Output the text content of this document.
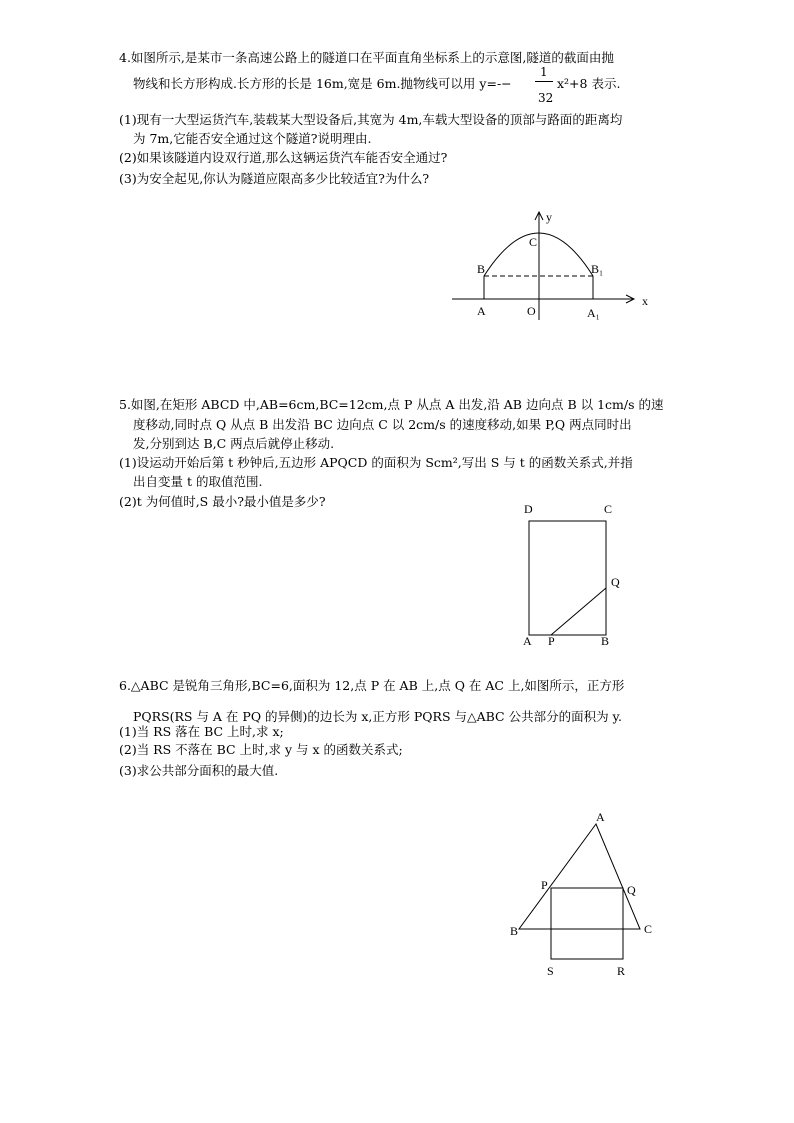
4.如图所示,是某市一条高速公路上的隧道口在平面直角坐标系上的示意图,隧道的截面由抛
物线和长方形构成.长方形的长是 16m,宽是 6m.抛物线可以用 y=-−
1
32
x²+8 表示.
(1)现有一大型运货汽车,装载某大型设备后,其宽为 4m,车载大型设备的顶部与路面的距离均
为 7m,它能否安全通过这个隧道?说明理由.
(2)如果该隧道内设双行道,那么这辆运货汽车能否安全通过?
(3)为安全起见,你认为隧道应限高多少比较适宜?为什么?
y
x
C
B	B₁
A	O	A₁
5.如图,在矩形 ABCD 中,AB=6cm,BC=12cm,点 P 从点 A 出发,沿 AB 边向点 B 以 1cm/s 的速
度移动,同时点 Q 从点 B 出发沿 BC 边向点 C 以 2cm/s 的速度移动,如果 P,Q 两点同时出
发,分别到达 B,C 两点后就停止移动.
(1)设运动开始后第 t 秒钟后,五边形 APQCD 的面积为 Scm²,写出 S 与 t 的函数关系式,并指
出自变量 t 的取值范围.
(2)t 为何值时,S 最小?最小值是多少?	D	C
Q
A P	B
6.△ABC 是锐角三角形,BC=6,面积为 12,点 P 在 AB 上,点 Q 在 AC 上,如图所示，正方形
PQRS(RS 与 A 在 PQ 的异侧)的边长为 x,正方形 PQRS 与△ABC 公共部分的面积为 y.
(1)当 RS 落在 BC 上时,求 x;
(2)当 RS 不落在 BC 上时,求 y 与 x 的函数关系式;
(3)求公共部分面积的最大值.
A
P	Q
B	C
S	R
